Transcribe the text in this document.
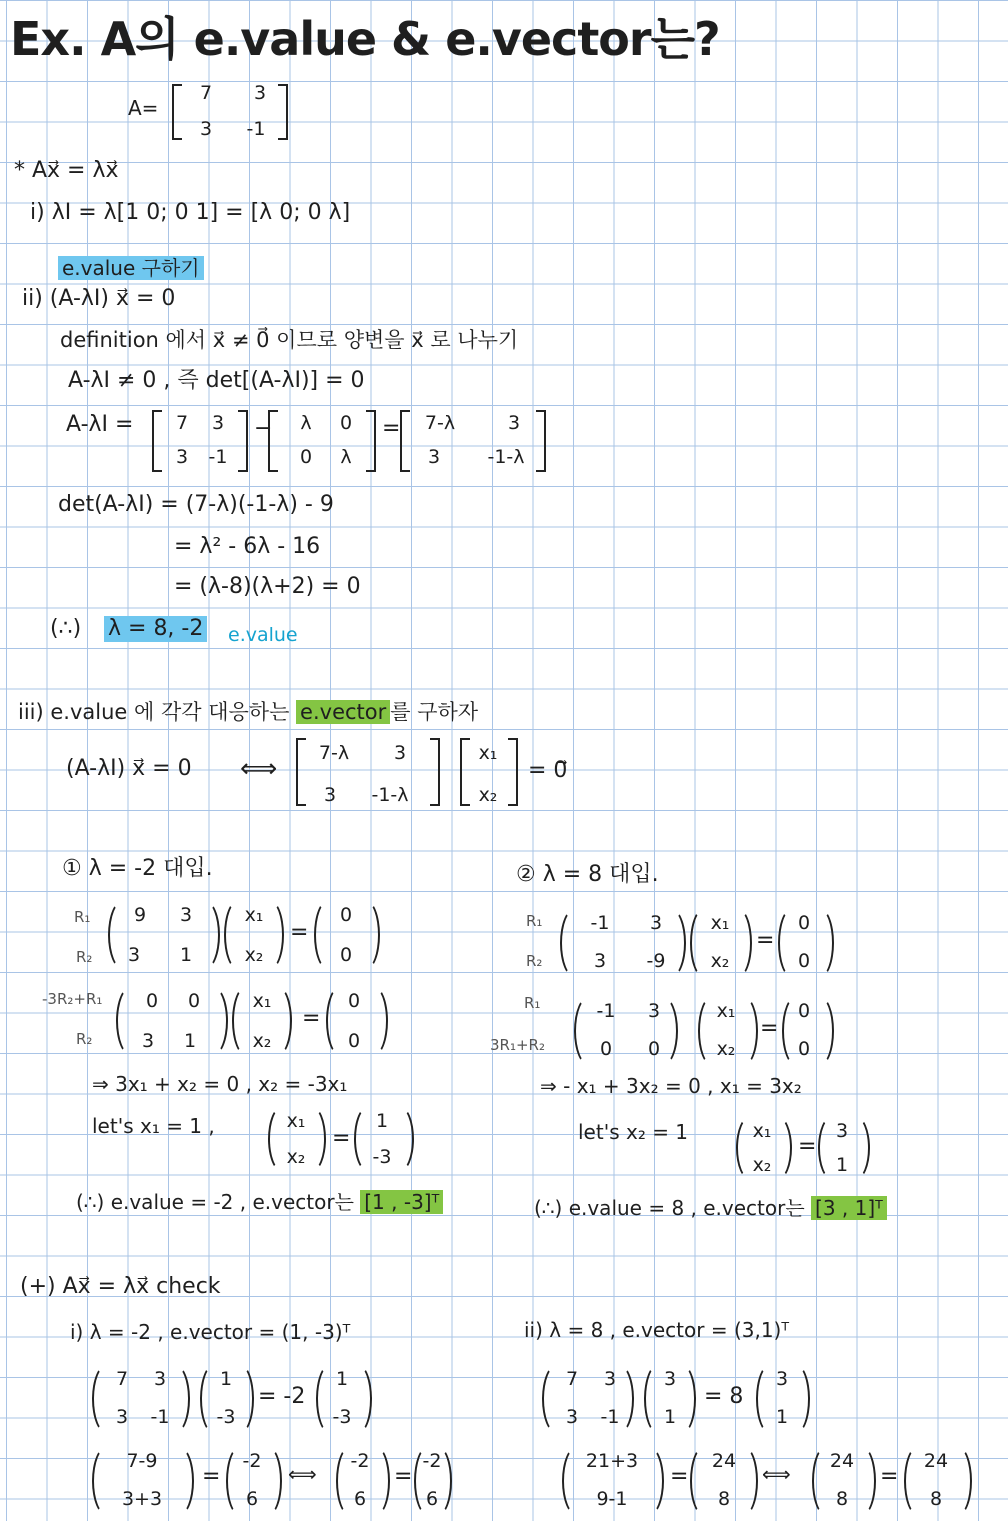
Ex. A의 e.value & e.vector는?
A=
7	3
3	-1
* Ax⃗ = λx⃗
i) λI = λ[1 0; 0 1] = [λ 0; 0 λ]
e.value 구하기
ii) (A-λI) x⃗ = 0
definition 에서 x⃗ ≠ 0⃗ 이므로 양변을 x⃗ 로 나누기
A-λI ≠ 0 , 즉 det[(A-λI)] = 0
A-λI =	7	3
3	-1
−	λ	0
0	λ
=	7-λ	3
3	-1-λ
det(A-λI) = (7-λ)(-1-λ) - 9
= λ² - 6λ - 16
= (λ-8)(λ+2) = 0
(∴) λ = 8, -2 e.value
iii) e.value 에 각각 대응하는 e.vector 를 구하자
(A-λI) x⃗ = 0 ⟺
7-λ	3
3	-1-λ
x₁
x₂
= 0⃗
① λ = -2 대입.
R₁
R₂
9	3
3	1
x₁
x₂
=
0
0
-3R₂+R₁
R₂
0	0
3	1
x₁
x₂
=
0
0
⇒ 3x₁ + x₂ = 0 , x₂ = -3x₁
let's x₁ = 1 ,	x₁
x₂
=
1
-3
(∴) e.value = -2 , e.vector는 [1 , -3]ᵀ
② λ = 8 대입.
R₁
R₂
-1	3
3	-9
x₁
x₂
=
0
0
R₁
3R₁+R₂
-1	3
0	0
x₁
x₂
=
0
0
⇒ - x₁ + 3x₂ = 0 , x₁ = 3x₂
let's x₂ = 1	x₁
x₂
=
3
1
(∴) e.value = 8 , e.vector는 [3 , 1]ᵀ
(+) Ax⃗ = λx⃗ check
i) λ = -2 , e.vector = (1, -3)ᵀ
7	3
3	-1
1
-3
= -2
1
-3
7-9
3+3
=
-2
6
⟺
-2
6
=
-2
6
ii) λ = 8 , e.vector = (3,1)ᵀ
7	3
3	-1
3
1
= 8
3
1
21+3
9-1
=
24
8
⟺
24
8
=
24
8
